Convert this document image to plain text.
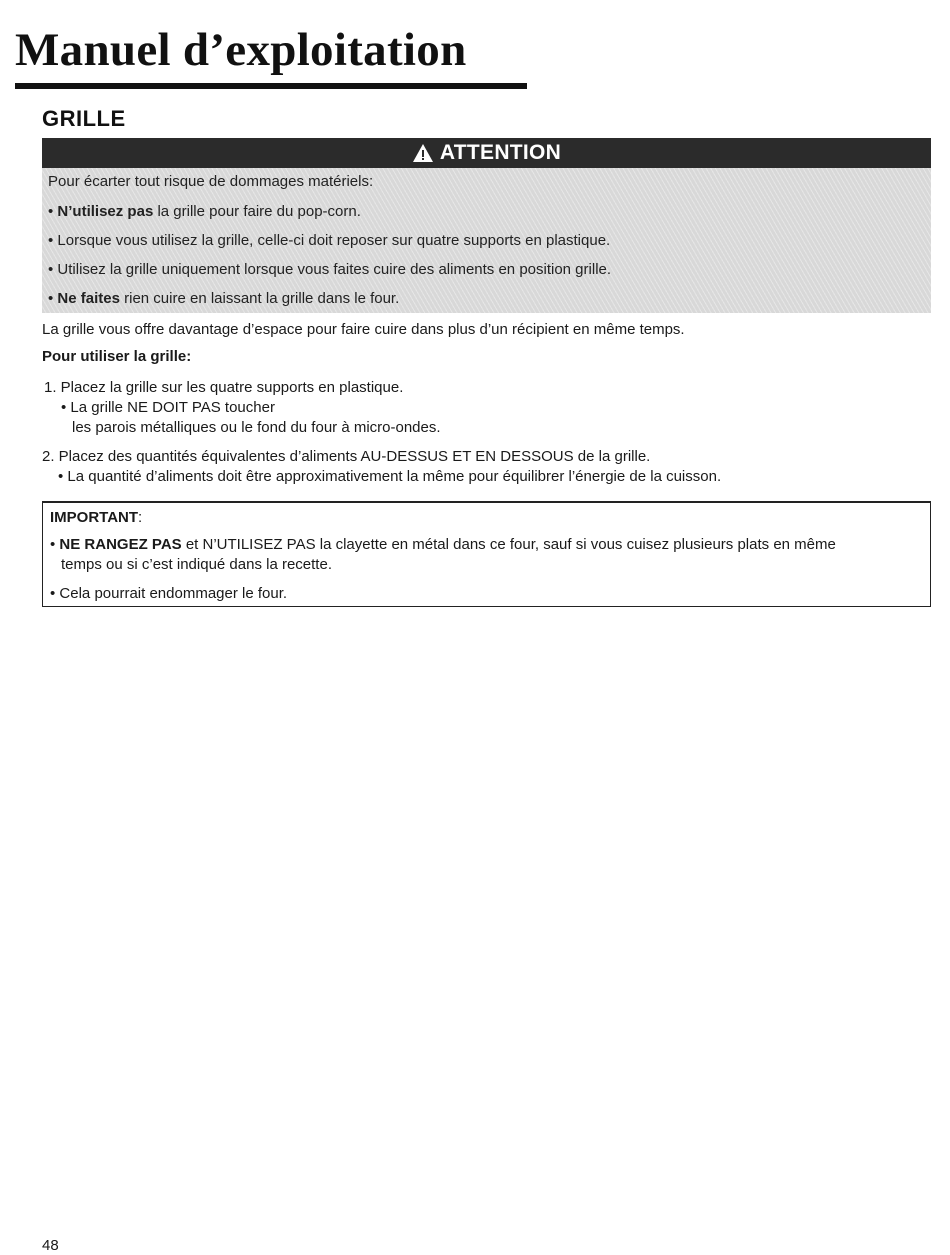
Manuel d’exploitation
GRILLE
ATTENTION
Pour écarter tout risque de dommages matériels:
• N’utilisez pas la grille pour faire du pop-corn.
• Lorsque vous utilisez la grille, celle-ci doit reposer sur quatre supports en plastique.
• Utilisez la grille uniquement lorsque vous faites cuire des aliments en position grille.
• Ne faites rien cuire en laissant la grille dans le four.
La grille vous offre davantage d’espace pour faire cuire dans plus d’un récipient en même temps.
Pour utiliser la grille:
1. Placez la grille sur les quatre supports en plastique.
• La grille NE DOIT PAS toucher
les parois métalliques ou le fond du four à micro-ondes.
2. Placez des quantités équivalentes d’aliments AU-DESSUS ET EN DESSOUS de la grille.
• La quantité d’aliments doit être approximativement la même pour équilibrer l’énergie de la cuisson.
IMPORTANT:
• NE RANGEZ PAS et N’UTILISEZ PAS la clayette en métal dans ce four, sauf si vous cuisez plusieurs plats en même
temps ou si c’est indiqué dans la recette.
• Cela pourrait endommager le four.
48
